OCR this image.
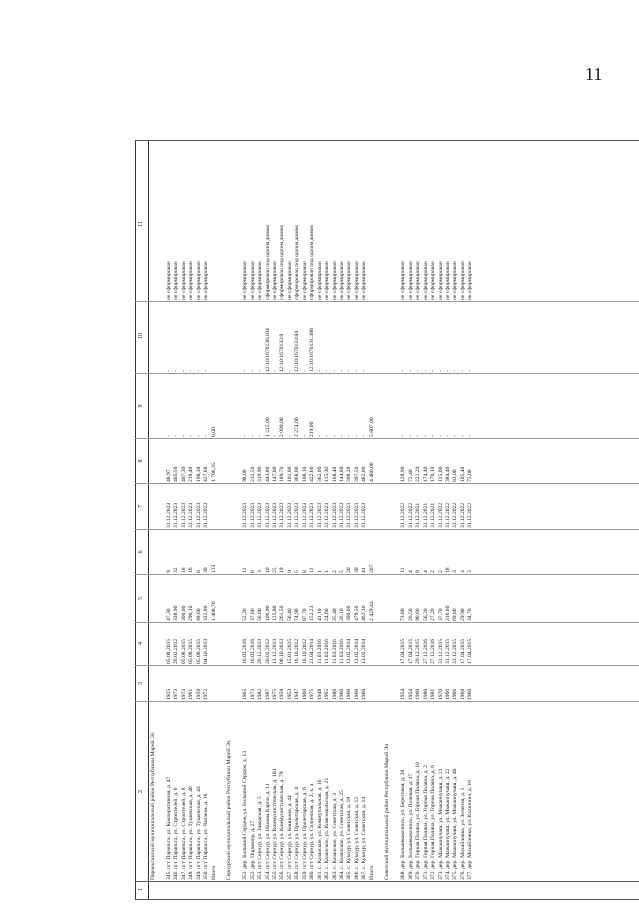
11
1
2
3
4
5
6
7
8
9
10
11
Параньгинский муниципальный район Республики Марий Эл 345. пгт Параньга, ул. Кооперативная, д. 47
1925
05.08.2015
47,30
9
31.12.2023
48,97
-
-
не сформирован
346. пгт Параньга, ул. Строителей, д. 6
1973
20.02.2012
338,90
32
31.12.2023
405,50
-
-
не сформирован
347. пгт Параньга, ул. Строителей, д. 8
1973
05.08.2015
300,00
18
31.12.2023
407,30
-
-
не сформирован
348. пгт Параньга, ул. Тукаевская, д. 40
1961
05.08.2015
290,10
16
31.12.2023
218,40
-
-
не сформирован
349. пгт Параньга, ул. Тукаевская, д. 43
1959
05.08.2015
99,60
8
31.12.2023
198,30
-
-
не сформирован
350. пгт Параньга, ул. Чапаева, д. 16
1972
04.10.2013
332,80
30
31.12.2023
427,88
-
-
не сформирован
Итого
1 408,70
113
1 706,35
0,00
Сернурский муниципальный район Республики Марий Эл 351. дер. Большой Сердеж, ул. Большой Сердеж, д. 13
1965
16.03.2016
52,20
11
31.12.2023
98,00
-
-
не сформирован
352. дер. Пиркенер, д. 27
1973
16.03.2016
37,80
6
31.12.2023
232,50
-
-
не сформирован
353. пгт Сернур, ул. Заводская, д. 5
1982
20.12.2013
56,00
3
31.12.2023
319,90
-
-
не сформирован
354. пгт Сернур, ул. Ивнова Карпи, д. 11
1987
20.02.2012
106,90
10
31.12.2023
443,80
1 215,00
12:10:1670136:104
сформирован под одним домом
355. пгт Сернур, ул. Коммунистическая, д. 103
1975
13.12.2013
125,80
25
31.12.2023
147,00
-
-
не сформирован
356. пгт Сернур, ул. Коммунистическая, д. 79
1959
08.10.2013
261,50
19
31.12.2023
189,70
2 099,00
12:10:1670132:8
сформирован под одним домом
357. пгт Сернур, ул. Кошкина, д. 44
1953
15.01.2015
56,40
9
31.12.2023
101,00
-
-
не сформирован
358. пгт Сернур, ул. Пролетарская, д. 4
1947
16.10.2012
74,90
5
31.12.2023
368,00
2 274,00
12:10:1670133:84
сформирован под одним домом
359. пгт Сернур, ул. Пролетарская, д. 6
1960
16.10.2012
87,70
8
31.12.2023
108,10
-
-
не сформирован
360. пгт Сернур, ул. Солнечная, д. 3, к. а
1975
21.04.2014
152,23
11
31.12.2023
422,60
219,00
12:10:1670131:388
сформирован под одним домом
361. с. Казанское, ул. Коммунальная, д. 16
1948
11.03.2016
41,10
1
31.12.2023
362,00
-
-
не сформирован
362. с. Казанское, ул. Комсомольская, д. 21
1965
11.03.2016
24,60
1
31.12.2023
115,30
-
-
не сформирован
363. с. Казанское, ул. Советская, д. 3
1980
11.03.2016
35,40
2
31.12.2023
168,40
-
-
не сформирован
364. с. Казанское, ул. Советская, д. 25
1960
11.03.2016
26,10
5
31.12.2023
144,80
-
-
не сформирован
365. с. Кукнур, ул. Советская, д. 10
1960
13.02.2014
390,60
20
31.12.2023
398,20
-
-
не сформирован
366. с. Кукнур, ул. Советская, д. 12
1960
13.02.2014
479,50
30
31.12.2023
397,50
-
-
не сформирован
367. с. Кукнур, ул. Советская, д. 14
1960
13.02.2014
462,10
41
31.12.2023
462,00
-
-
не сформирован
Итого
2 429,43
207
4 480,00
5 807,00
Советский муниципальный район Республики Марий Эл 368. дер. Большекоксинск, ул. Береговая, д. 28
1954
17.04.2015
73,80
11
31.12.2022
128,90
-
-
не сформирован
369. дер. Большекоксинск, ул. Полевая, д. 17
1954
17.04.2015
26,50
4
31.12.2022
72,40
-
-
не сформирован
370. дер. Горная Поляна, ул. Горная Поляна, д. 10
1960
29.12.2015
90,60
9
31.12.2021
222,20
-
-
не сформирован
371. дер. Горная Поляна, ул. Горная Поляна, д. 2
1980
27.12.2016
56,20
4
31.12.2021
174,40
-
-
не сформирован
372. дер. Горная Поляна, ул. Горная Поляна, д. 6
1981
27.12.2016
27,20
2
31.12.2021
170,10
-
-
не сформирован
373. дер. Мажаинучаш, ул. Мажаинучаш, д. 21
1970
31.12.2015
37,70
2
31.12.2022
125,00
-
-
не сформирован
374. дер. Мажаинучаш, ул. Мажаинучаш, д. 22
1966
31.12.2015
316,60
18
31.12.2022
384,40
-
-
не сформирован
375. дер. Мажаинучаш, ул. Мажаинучаш, д. 40
1966
31.12.2015
69,80
3
31.12.2022
83,00
-
-
не сформирован
376. дер. Михайловка, ул. Зеленая, д. 5
1960
17.04.2015
29,90
3
31.12.2022
105,40
-
-
не сформирован
377. дер. Михайловка, ул. Калинина, д. 16
1960
17.04.2015
34,70
3
31.12.2022
75,00
-
-
не сформирован
